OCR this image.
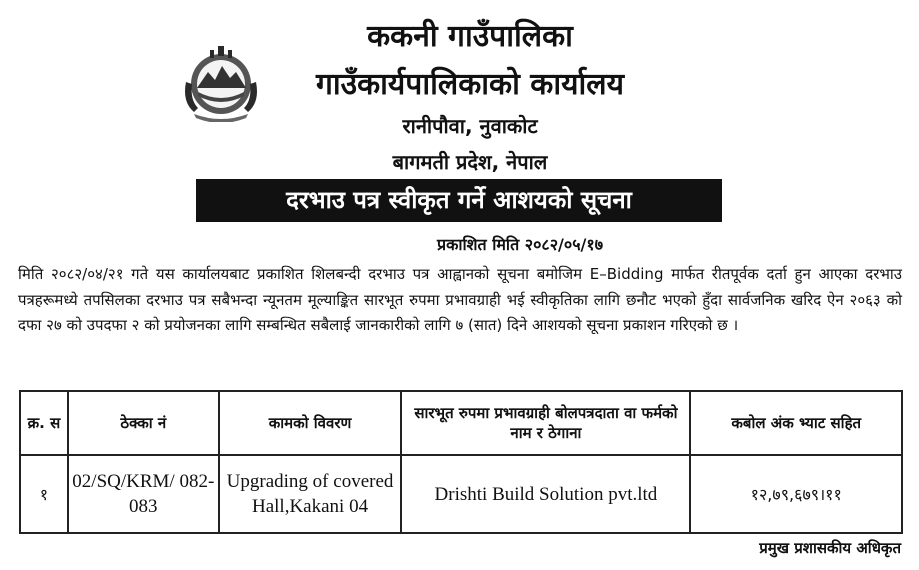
ककनी गाउँपालिका
गाउँकार्यपालिकाको कार्यालय
रानीपौवा, नुवाकोट
बागमती प्रदेश, नेपाल
दरभाउ पत्र स्वीकृत गर्ने आशयको सूचना
प्रकाशित मिति २०८२/०५/१७
मिति २०८२/०४/२१ गते यस कार्यालयबाट प्रकाशित शिलबन्दी दरभाउ पत्र आह्वानको सूचना बमोजिम E–Bidding मार्फत रीतपूर्वक दर्ता हुन आएका दरभाउ पत्रहरूमध्ये तपसिलका दरभाउ पत्र सबैभन्दा न्यूनतम मूल्याङ्कित सारभूत रुपमा प्रभावग्राही भई स्वीकृतिका लागि छनौट भएको हुँदा सार्वजनिक खरिद ऐन २०६३ को दफा २७ को उपदफा २ को प्रयोजनका लागि सम्बन्धित सबैलाई जानकारीको लागि ७ (सात) दिने आशयको सूचना प्रकाशन गरिएको छ ।
क्र. स	ठेक्का नं	कामको विवरण	सारभूत रुपमा प्रभावग्राही बोलपत्रदाता वा फर्मको नाम र ठेगाना	कबोल अंक भ्याट सहित
१	02/SQ/KRM/ 082-083	Upgrading of covered Hall,Kakani 04	Drishti Build Solution pvt.ltd	१२,७९,६७९।११
प्रमुख प्रशासकीय अधिकृत
